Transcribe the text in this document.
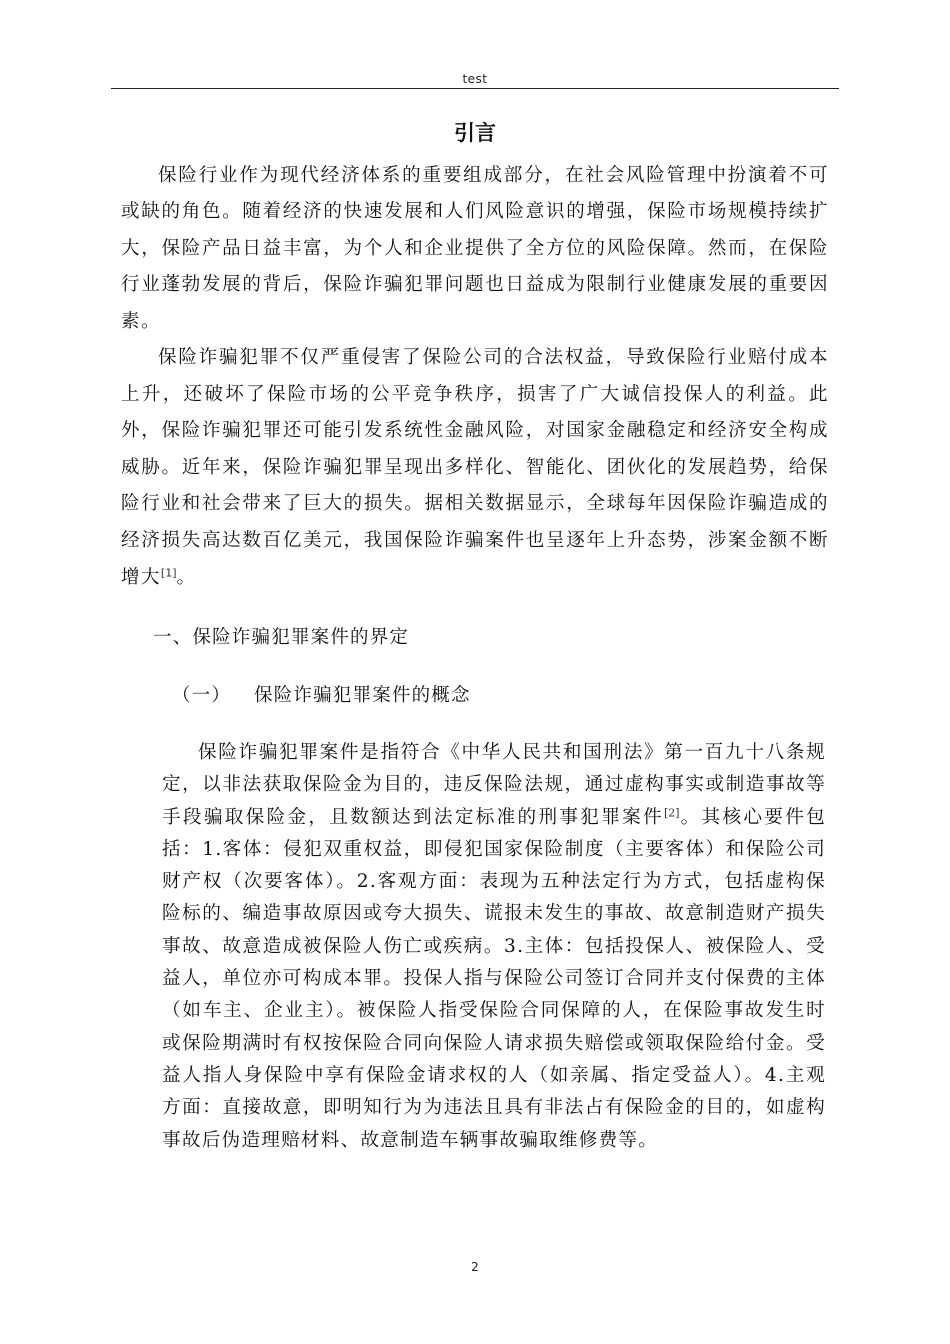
test
引言

保险行业作为现代经济体系的重要组成部分，在社会风险管理中扮演着不可或缺的角色。随着经济的快速发展和人们风险意识的增强，保险市场规模持续扩大，保险产品日益丰富，为个人和企业提供了全方位的风险保障。然而，在保险行业蓬勃发展的背后，保险诈骗犯罪问题也日益成为限制行业健康发展的重要因素。

保险诈骗犯罪不仅严重侵害了保险公司的合法权益，导致保险行业赔付成本上升，还破坏了保险市场的公平竞争秩序，损害了广大诚信投保人的利益。此外，保险诈骗犯罪还可能引发系统性金融风险，对国家金融稳定和经济安全构成威胁。近年来，保险诈骗犯罪呈现出多样化、智能化、团伙化的发展趋势，给保险行业和社会带来了巨大的损失。据相关数据显示，全球每年因保险诈骗造成的经济损失高达数百亿美元，我国保险诈骗案件也呈逐年上升态势，涉案金额不断增大[1]。

一、保险诈骗犯罪案件的界定
（一） 保险诈骗犯罪案件的概念

保险诈骗犯罪案件是指符合《中华人民共和国刑法》第一百九十八条规定，以非法获取保险金为目的，违反保险法规，通过虚构事实或制造事故等手段骗取保险金，且数额达到法定标准的刑事犯罪案件[2]。其核心要件包括：1.客体：侵犯双重权益，即侵犯国家保险制度（主要客体）和保险公司财产权（次要客体）。2.客观方面：表现为五种法定行为方式，包括虚构保险标的、编造事故原因或夸大损失、谎报未发生的事故、故意制造财产损失事故、故意造成被保险人伤亡或疾病。3.主体：包括投保人、被保险人、受益人，单位亦可构成本罪。投保人指与保险公司签订合同并支付保费的主体（如车主、企业主）。被保险人指受保险合同保障的人，在保险事故发生时或保险期满时有权按保险合同向保险人请求损失赔偿或领取保险给付金。受益人指人身保险中享有保险金请求权的人（如亲属、指定受益人）。4.主观方面：直接故意，即明知行为为违法且具有非法占有保险金的目的，如虚构事故后伪造理赔材料、故意制造车辆事故骗取维修费等。

2
